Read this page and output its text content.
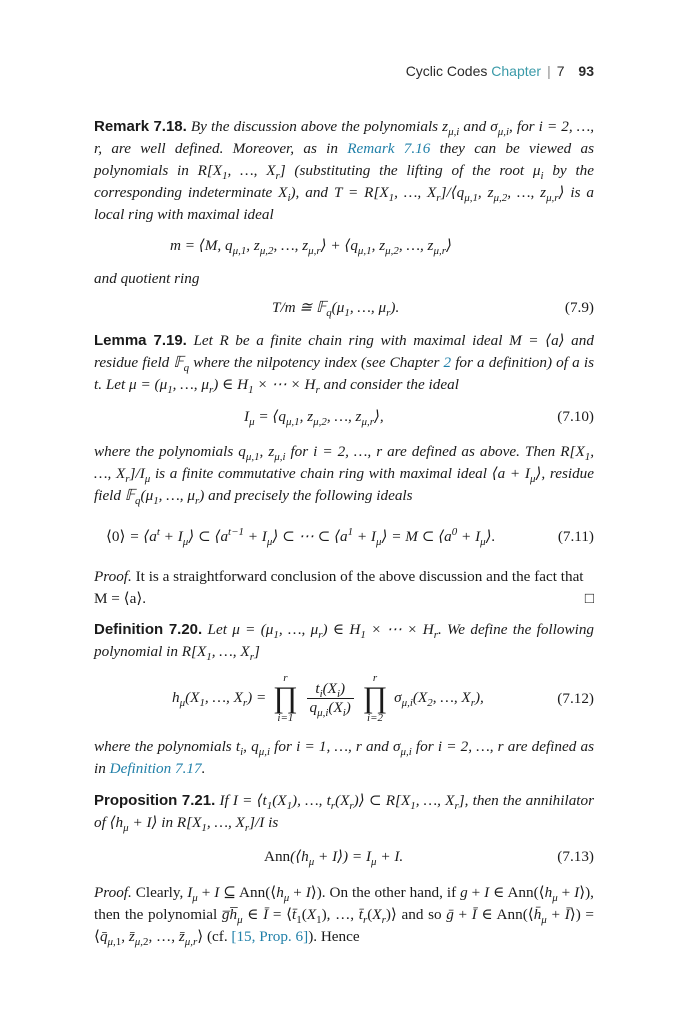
Cyclic Codes Chapter | 7 93
Remark 7.18. By the discussion above the polynomials $z_{\mu,i}$ and $\sigma_{\mu,i}$, for i = 2, …, r, are well defined. Moreover, as in Remark 7.16 they can be viewed as polynomials in $R[X_1$, …, $X_r$] (substituting the lifting of the root $\mu_i$ by the corresponding indeterminate $X_i$), and $T = R[X_1$, …, $X_r]/⟨q_{\mu,1}$, $z_{\mu,2}$, …, $z_{\mu,r}⟩$ is a local ring with maximal ideal
m = ⟨M, $q_{\mu,1}$, $z_{\mu,2}$, …, $z_{\mu,r}⟩$ + $⟨q_{\mu,1}$, $z_{\mu,2}$, …, $z_{\mu,r}⟩$
and quotient ring
T/m ≅ $𝔽_q(\mu_1$, …, $\mu_r$).	(7.9)
Lemma 7.19. Let R be a finite chain ring with maximal ideal M = ⟨a⟩ and residue field 𝔽$_q$ where the nilpotency index (see Chapter 2 for a definition) of a is t. Let $\mu = (\mu_1$, …, $\mu_r$) ∈ $H_1$ × ⋯ × $H_r$ and consider the ideal
$I_\mu$ = $⟨q_{\mu,1}$, $z_{\mu,2}$, …, $z_{\mu,r}⟩$,	(7.10)
where the polynomials $q_{\mu,1}$, $z_{\mu,i}$ for i = 2, …, r are defined as above. Then $R[X_1$, …, $X_r]/I_\mu$ is a finite commutative chain ring with maximal ideal ⟨a + $I_\mu⟩$, residue field $𝔽_q(\mu_1$, …, $\mu_r$) and precisely the following ideals
⟨0⟩ = $⟨a^t$ + $I_\mu⟩$ ⊂ $⟨a^{t-1}$ + $I_\mu⟩$ ⊂ ⋯ ⊂ $⟨a^1$ + $I_\mu⟩ = M$ ⊂ $⟨a^0$ + $I_\mu⟩$.	(7.11)
Proof. It is a straightforward conclusion of the above discussion and the fact that M = ⟨a⟩.	□
Definition 7.20. Let $\mu = (\mu_1$, …, $\mu_r$) ∈ $H_1$ × ⋯ × $H_r$. We define the following polynomial in $R[X_1$, …, $X_r$]
$h_\mu(X_1$, …, $X_r$) =
r
∏
i=1

$\frac{t_i(X_i)}{q_{\mu,i}(X_i)}$

r
∏
i=2
$\sigma_{\mu,i}(X_2$, …, $X_r$),	(7.12)
where the polynomials $t_i$, $q_{\mu,i}$ for i = 1, …, r and $\sigma_{\mu,i}$ for i = 2, …, r are defined as in Definition 7.17.
Proposition 7.21. If $I = ⟨t_1(X_1)$, …, $t_r(X_r)⟩$ ⊂ $R[X_1$, …, $X_r$], then the annihilator of $⟨h_\mu$ + I⟩ in $R[X_1$, …, $X_r]/I$ is
$Ann(⟨h_\mu$ + I⟩) = $I_\mu + I$.	(7.13)
Proof. Clearly, $I_\mu + I$ ⊆ $Ann(⟨h_\mu$ + I⟩). On the other hand, if g + I ∈ $Ann(⟨h_\mu$ + I⟩), then the polynomial $g̅h̅_\mu$ ∈ Ī = $⟨t̄_1(X_1)$, …, $t̄_r(X_r)⟩$ and so ḡ + Ī ∈ $Ann(⟨h̄_\mu$ + Ī⟩) = $⟨q̄_{\mu,1}$, $z̄_{\mu,2}$, …, $z̄_{\mu,r}⟩$ (cf. [15, Prop. 6]). Hence
